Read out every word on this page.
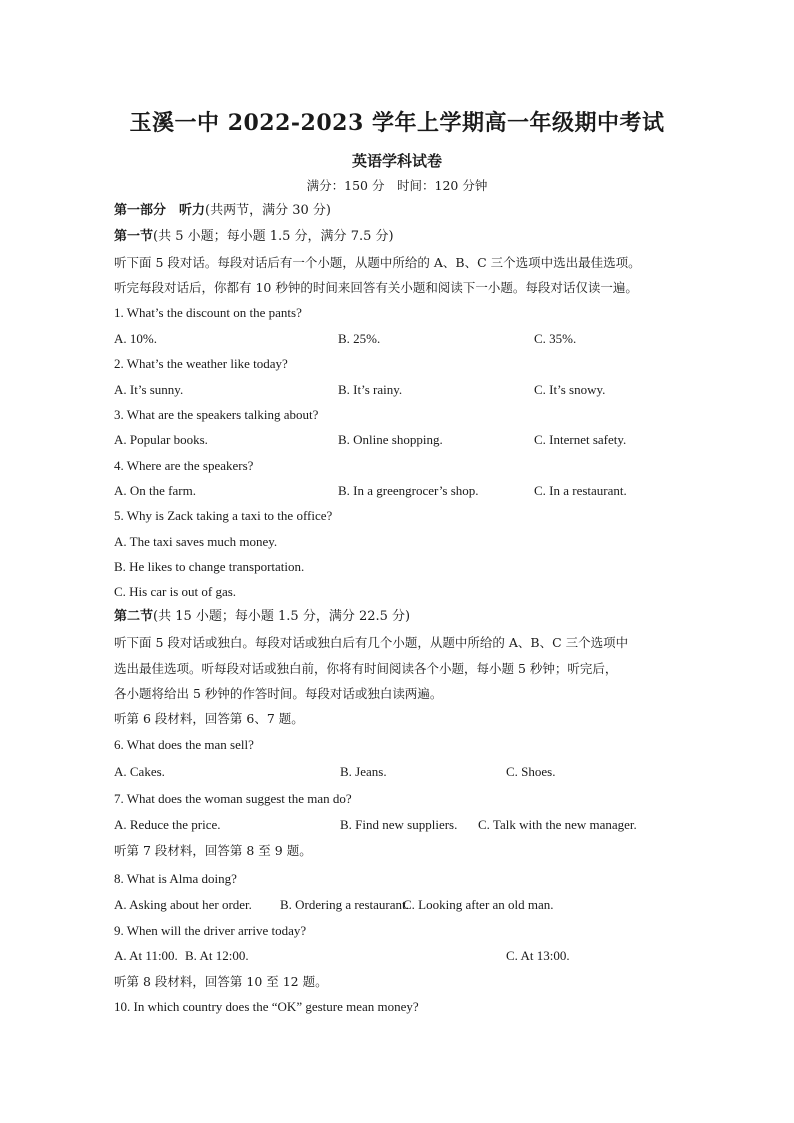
玉溪一中 2022-2023 学年上学期高一年级期中考试
英语学科试卷
满分：150 分　时间：120 分钟
第一部分　听力(共两节，满分 30 分)
第一节(共 5 小题；每小题 1.5 分，满分 7.5 分)
听下面 5 段对话。每段对话后有一个小题，从题中所给的 A、B、C 三个选项中选出最佳选项。
听完每段对话后，你都有 10 秒钟的时间来回答有关小题和阅读下一小题。每段对话仅读一遍。
1. What’s the discount on the pants?
A. 10%.	B. 25%.	C. 35%.
2. What’s the weather like today?
A. It’s sunny.	B. It’s rainy.	C. It’s snowy.
3. What are the speakers talking about?
A. Popular books.	B. Online shopping.	C. Internet safety.
4. Where are the speakers?
A. On the farm.	B. In a greengrocer’s shop.	C. In a restaurant.
5. Why is Zack taking a taxi to the office?
A. The taxi saves much money.
B. He likes to change transportation.
C. His car is out of gas.
第二节(共 15 小题；每小题 1.5 分，满分 22.5 分)
听下面 5 段对话或独白。每段对话或独白后有几个小题，从题中所给的 A、B、C 三个选项中
选出最佳选项。听每段对话或独白前，你将有时间阅读各个小题，每小题 5 秒钟；听完后，
各小题将给出 5 秒钟的作答时间。每段对话或独白读两遍。
听第 6 段材料，回答第 6、7 题。
6. What does the man sell?
A. Cakes.	B. Jeans.	C. Shoes.
7. What does the woman suggest the man do?
A. Reduce the price.	B. Find new suppliers. C. Talk with the new manager.
听第 7 段材料，回答第 8 至 9 题。
8. What is Alma doing?
A. Asking about her order. B. Ordering a restaurant.
C. Looking after an old man.
9. When will the driver arrive today?
A. At 11:00. B. At 12:00.	C. At 13:00.
听第 8 段材料，回答第 10 至 12 题。
10. In which country does the “OK” gesture mean money?
